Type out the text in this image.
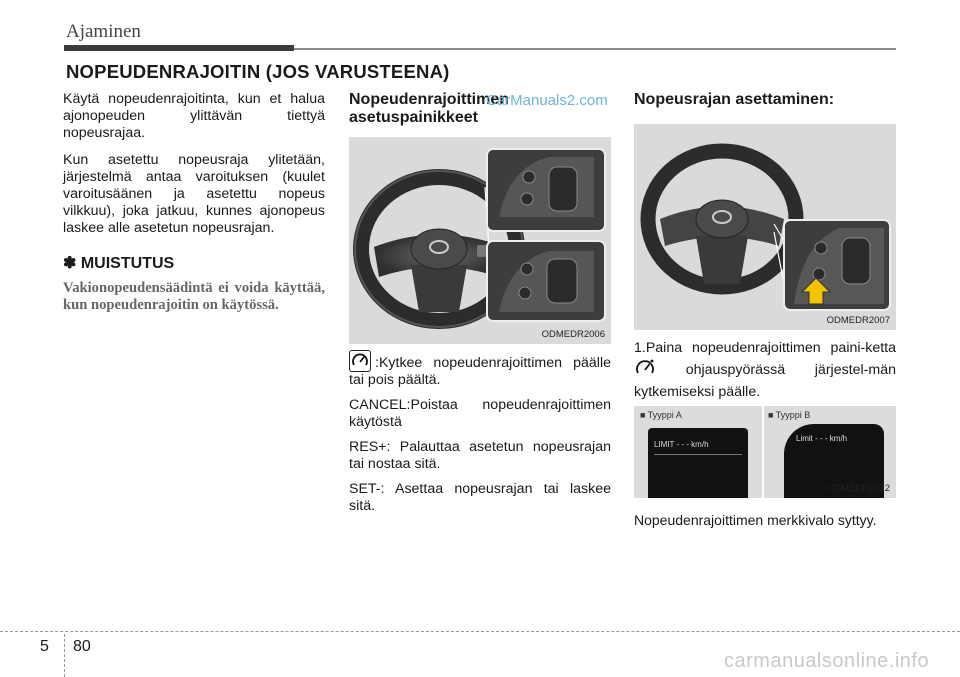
Ajaminen
NOPEUDENRAJOITIN (JOS VARUSTEENA)

Käytä nopeudenrajoitinta, kun et halua ajonopeuden ylittävän tiettyä nopeusrajaa.

Kun asetettu nopeusraja ylitetään, järjestelmä antaa varoituksen (kuulet varoitusäänen ja asetettu nopeus vilkkuu), joka jatkuu, kunnes ajonopeus laskee alle asetetun nopeusrajan.

✽ MUISTUTUS
Vakionopeudensäädintä ei voida käyttää, kun nopeudenrajoitin on käytössä.
Nopeudenrajoittimen asetuspainikkeet
CarManuals2.com
ODMEDR2006
:Kytkee nopeudenrajoittimen päälle tai pois päältä.
CANCEL:Poistaa nopeudenrajoittimen käytöstä
RES+: Palauttaa asetetun nopeusrajan tai nostaa sitä.
SET-: Asettaa nopeusrajan tai laskee sitä.
Nopeusrajan asettaminen:
ODMEDR2007
1.Paina nopeudenrajoittimen paini-ketta  ohjauspyörässä järjestel-män kytkemiseksi päälle.
■ Tyyppi A	■ Tyyppi B
LIMIT - - - km/h
Limit - - - km/h
ODMEDR2012
Nopeudenrajoittimen merkkivalo syttyy.
5 80
carmanualsonline.info
